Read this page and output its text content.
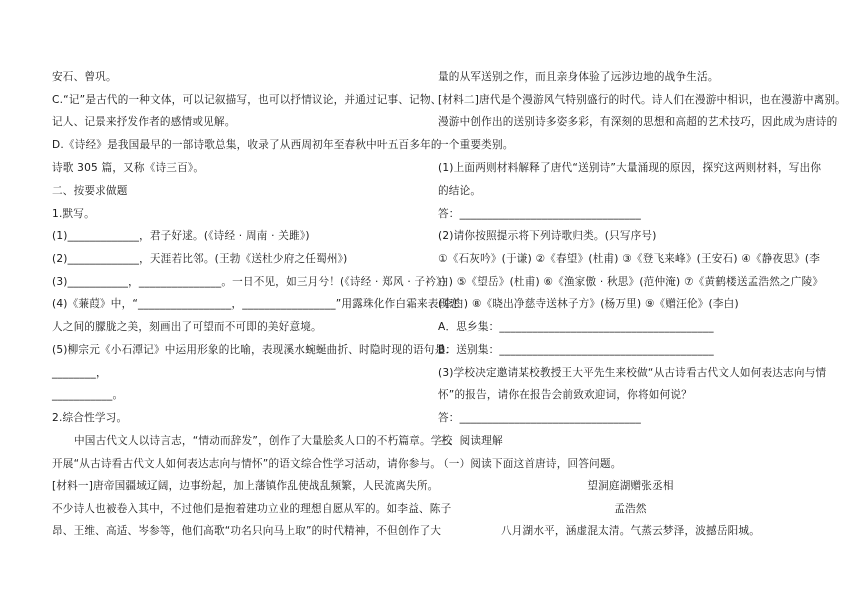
安石、曾巩。
C.“记”是古代的一种文体，可以记叙描写，也可以抒情议论，并通过记事、记物、
记人、记景来抒发作者的感情或见解。
D.《诗经》是我国最早的一部诗歌总集，收录了从西周初年至春秋中叶五百多年的
诗歌 305 篇，又称《诗三百》。
二、按要求做题
1.默写。
(1)_____________，君子好逑。(《诗经 · 周南 · 关雎》)
(2)_____________，天涯若比邻。(王勃《送杜少府之任蜀州》)
(3)___________，_______________。一日不见，如三月兮！(《诗经 · 郑风 · 子衿》)
(4)《蒹葭》中，“_________________，_________________”用露珠化作白霜来表现恋
人之间的朦胧之美，刻画出了可望而不可即的美好意境。
(5)柳宗元《小石潭记》中运用形象的比喻，表现溪水蜿蜒曲折、时隐时现的语句是：
________，
___________。
2.综合性学习。
中国古代文人以诗言志，“情动而辞发”，创作了大量脍炙人口的不朽篇章。学校
开展“从古诗看古代文人如何表达志向与情怀”的语文综合性学习活动，请你参与。
[材料一]唐帝国疆域辽阔，边事纷起，加上藩镇作乱使战乱频繁，人民流离失所。
不少诗人也被卷入其中，不过他们是抱着建功立业的理想自愿从军的。如李益、陈子
昂、王维、高适、岑参等，他们高歌“功名只向马上取”的时代精神，不但创作了大
量的从军送别之作，而且亲身体验了远涉边地的战争生活。
[材料二]唐代是个漫游风气特别盛行的时代。诗人们在漫游中相识，也在漫游中离别。
漫游中创作出的送别诗多姿多彩，有深刻的思想和高超的艺术技巧，因此成为唐诗的
一个重要类别。
(1)上面两则材料解释了唐代“送别诗”大量涌现的原因，探究这两则材料，写出你
的结论。
答：_________________________________
(2)请你按照提示将下列诗歌归类。(只写序号)
①《石灰吟》(于谦) ②《春望》(杜甫) ③《登飞来峰》(王安石) ④《静夜思》(李
白) ⑤《望岳》(杜甫) ⑥《渔家傲 · 秋思》(范仲淹) ⑦《黄鹤楼送孟浩然之广陵》
(李白) ⑧《晓出净慈寺送林子方》(杨万里) ⑨《赠汪伦》(李白)
A．思乡集：_______________________________________
B．送别集：_______________________________________
(3)学校决定邀请某校教授王大平先生来校做“从古诗看古代文人如何表达志向与情
怀”的报告，请你在报告会前致欢迎词，你将如何说？
答：_________________________________
三、阅读理解
（一）阅读下面这首唐诗，回答问题。
望洞庭湖赠张丞相
孟浩然
八月湖水平，涵虚混太清。气蒸云梦泽，波撼岳阳城。
